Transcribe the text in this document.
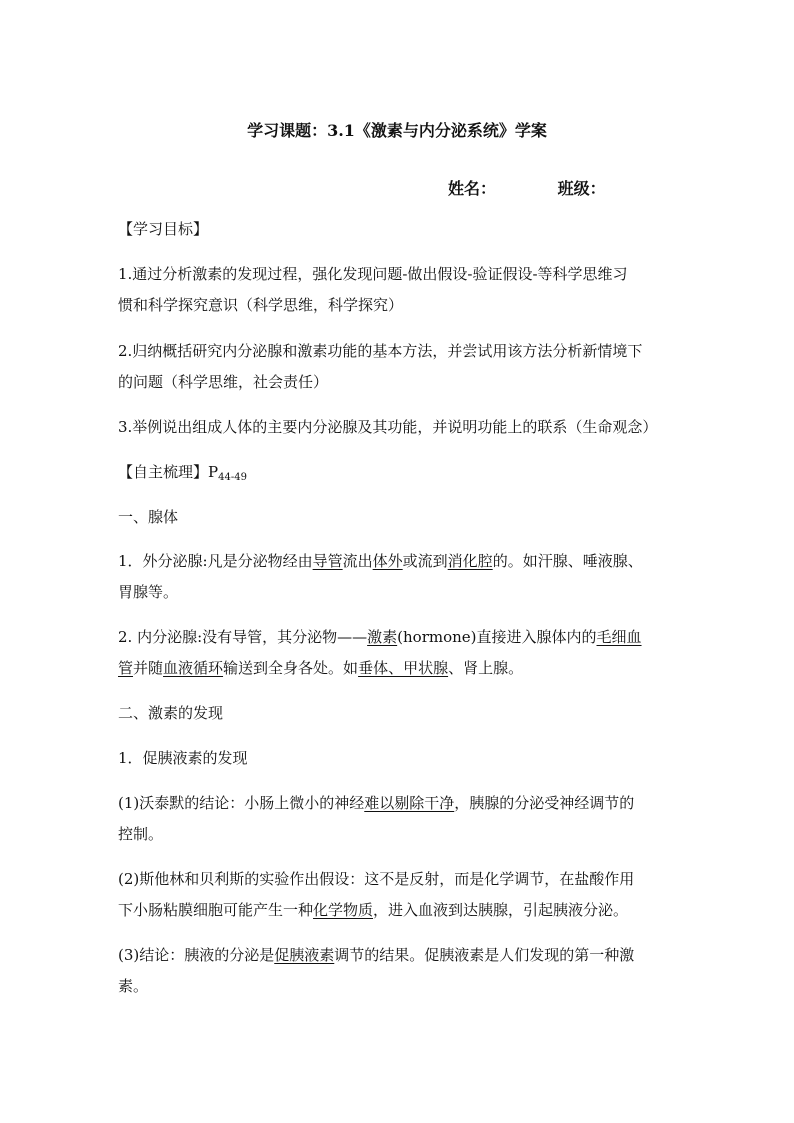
学习课题：3.1《激素与内分泌系统》学案
姓名：	班级：
【学习目标】
1.通过分析激素的发现过程，强化发现问题-做出假设-验证假设-等科学思维习
惯和科学探究意识（科学思维，科学探究）
2.归纳概括研究内分泌腺和激素功能的基本方法，并尝试用该方法分析新情境下
的问题（科学思维，社会责任）
3.举例说出组成人体的主要内分泌腺及其功能，并说明功能上的联系（生命观念）
【自主梳理】$P_{44-49}$
一、腺体
1．外分泌腺:凡是分泌物经由导管流出体外或流到消化腔的。如汗腺、唾液腺、
胃腺等。
2. 内分泌腺:没有导管，其分泌物——激素(hormone)直接进入腺体内的毛细血
管并随血液循环输送到全身各处。如垂体、甲状腺、肾上腺。
二、激素的发现
1．促胰液素的发现
(1)沃泰默的结论：小肠上微小的神经难以剔除干净，胰腺的分泌受神经调节的
控制。
(2)斯他林和贝利斯的实验作出假设：这不是反射，而是化学调节，在盐酸作用
下小肠粘膜细胞可能产生一种化学物质，进入血液到达胰腺，引起胰液分泌。
(3)结论：胰液的分泌是促胰液素调节的结果。促胰液素是人们发现的第一种激
素。
